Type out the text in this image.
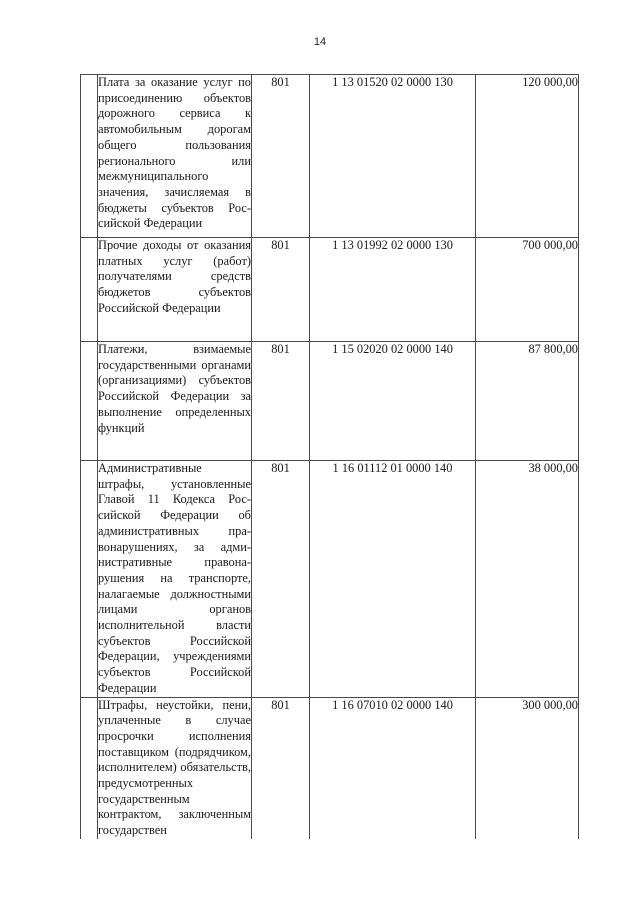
14
	Плата за оказание услуг по присоединению объектов дорожного сервиса к автомобильным дорогам общего пользования регионального или межмуниципального значения, зачисляемая в бюджеты субъектов Российской Федерации	801	1 13 01520 02 0000 130	120 000,00
	Прочие доходы от оказания платных услуг (работ) получателями средств бюджетов субъектов Российской Федерации	801	1 13 01992 02 0000 130	700 000,00
	Платежи, взимаемые государственными органами (организациями) субъектов Российской Федерации за выполнение определенных функций	801	1 15 02020 02 0000 140	87 800,00
	Административные штрафы, установленные Главой 11 Кодекса Российской Федерации об административных правонарушениях, за административные правонарушения на транспорте, налагаемые должностными лицами органов исполнительной власти субъектов Российской Федерации, учреждениями субъектов Российской Федерации	801	1 16 01112 01 0000 140	38 000,00
	Штрафы, неустойки, пени, уплаченные в случае просрочки исполнения поставщиком (подрядчиком, исполнителем) обязательств, предусмотренных государственным контрактом, заключенным государствен	801	1 16 07010 02 0000 140	300 000,00
